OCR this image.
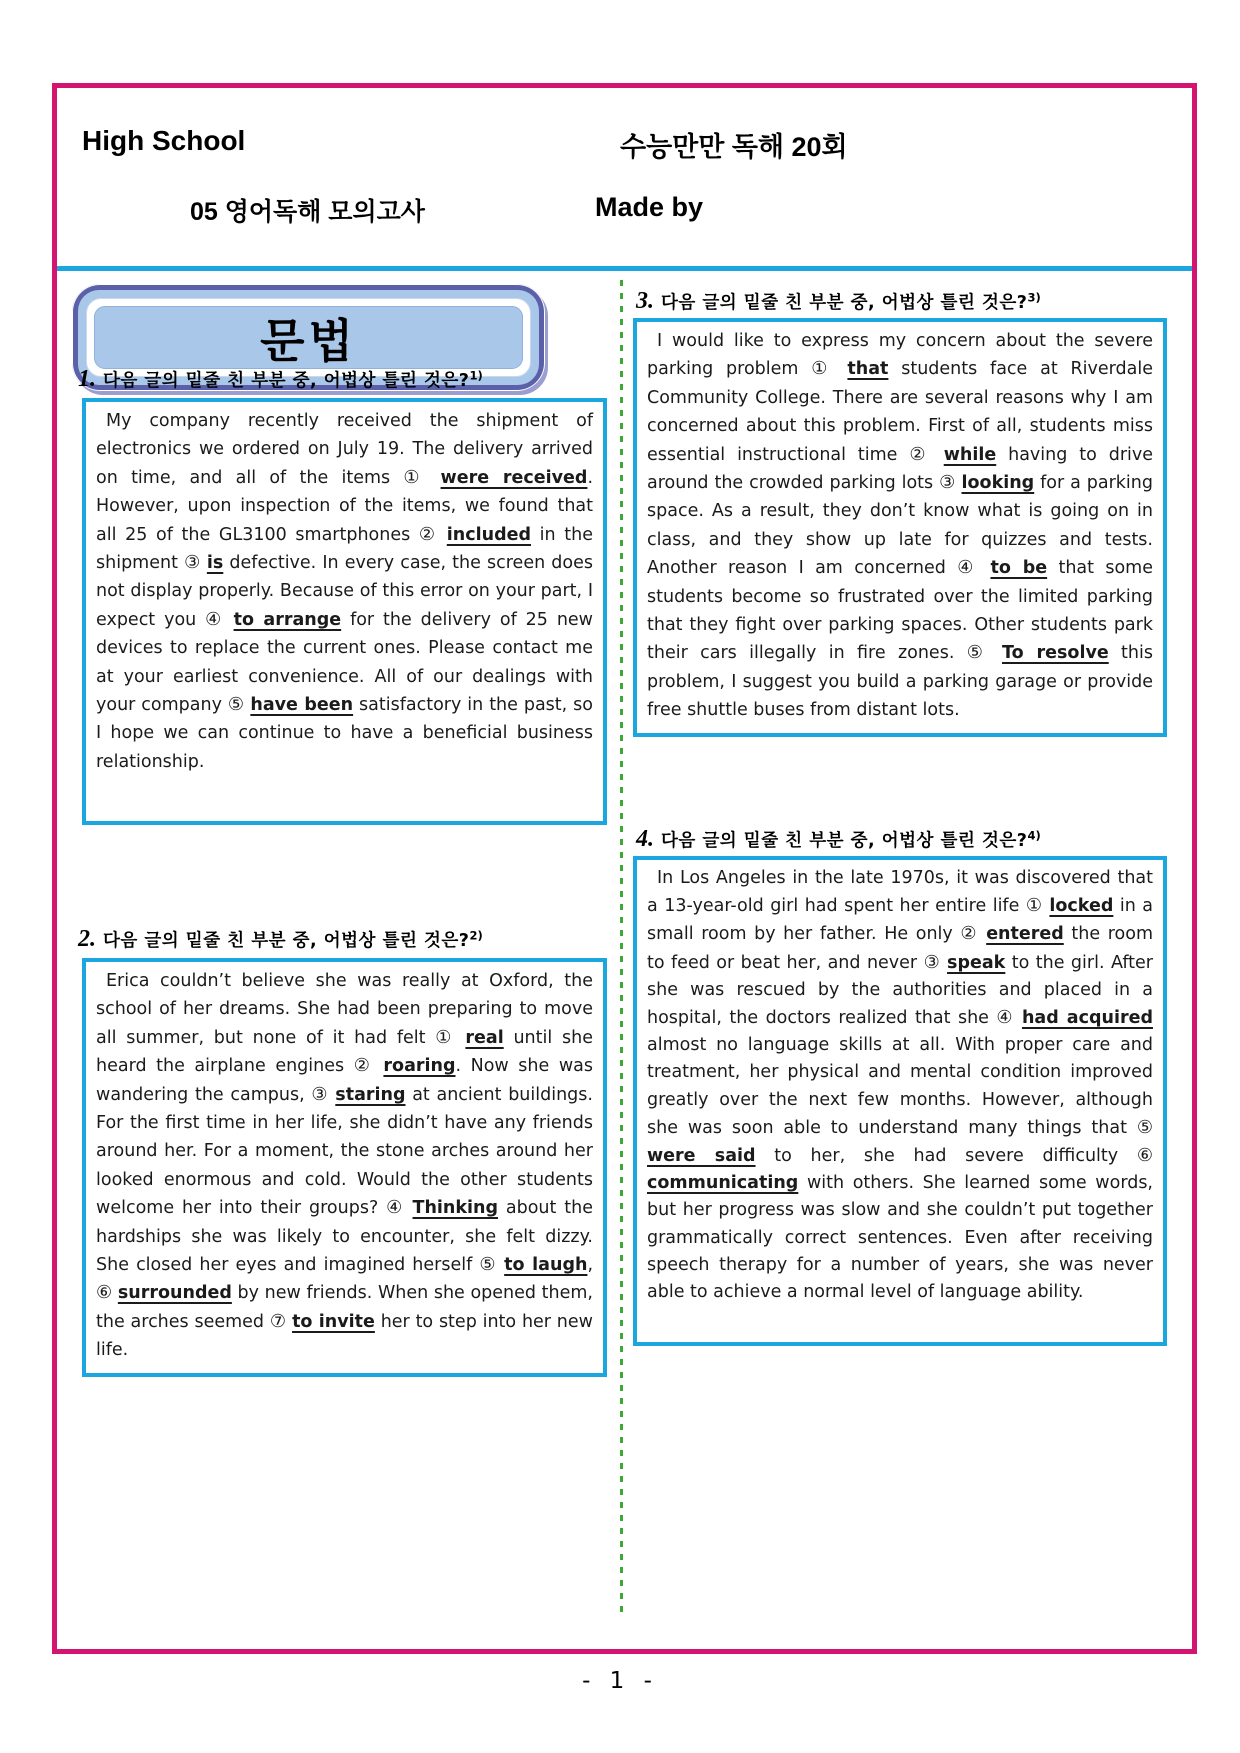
High School	수능만만 독해 20회
05 영어독해 모의고사	Made by
문법
1. 다음 글의 밑줄 친 부분 중, 어법상 틀린 것은?$^{1)}$
My company recently received the shipment of electronics we ordered on July 19. The delivery arrived on time, and all of the items ① were received. However, upon inspection of the items, we found that all 25 of the GL3100 smartphones ② included in the shipment ③ is defective. In every case, the screen does not display properly. Because of this error on your part, I expect you ④ to arrange for the delivery of 25 new devices to replace the current ones. Please contact me at your earliest convenience. All of our dealings with your company ⑤ have been satisfactory in the past, so I hope we can continue to have a beneficial business relationship.
2. 다음 글의 밑줄 친 부분 중, 어법상 틀린 것은?$^{2)}$
Erica couldn’t believe she was really at Oxford, the school of her dreams. She had been preparing to move all summer, but none of it had felt ① real until she heard the airplane engines ② roaring. Now she was wandering the campus, ③ staring at ancient buildings. For the first time in her life, she didn’t have any friends around her. For a moment, the stone arches around her looked enormous and cold. Would the other students welcome her into their groups? ④ Thinking about the hardships she was likely to encounter, she felt dizzy. She closed her eyes and imagined herself ⑤ to laugh, ⑥ surrounded by new friends. When she opened them, the arches seemed ⑦ to invite her to step into her new life.
3. 다음 글의 밑줄 친 부분 중, 어법상 틀린 것은?$^{3)}$
I would like to express my concern about the severe parking problem ① that students face at Riverdale Community College. There are several reasons why I am concerned about this problem. First of all, students miss essential instructional time ② while having to drive around the crowded parking lots ③ looking for a parking space. As a result, they don’t know what is going on in class, and they show up late for quizzes and tests. Another reason I am concerned ④ to be that some students become so frustrated over the limited parking that they fight over parking spaces. Other students park their cars illegally in fire zones. ⑤ To resolve this problem, I suggest you build a parking garage or provide free shuttle buses from distant lots.
4. 다음 글의 밑줄 친 부분 중, 어법상 틀린 것은?$^{4)}$
In Los Angeles in the late 1970s, it was discovered that a 13-year-old girl had spent her entire life ① locked in a small room by her father. He only ② entered the room to feed or beat her, and never ③ speak to the girl. After she was rescued by the authorities and placed in a hospital, the doctors realized that she ④ had acquired almost no language skills at all. With proper care and treatment, her physical and mental condition improved greatly over the next few months. However, although she was soon able to understand many things that ⑤ were said to her, she had severe difficulty ⑥ communicating with others. She learned some words, but her progress was slow and she couldn’t put together grammatically correct sentences. Even after receiving speech therapy for a number of years, she was never able to achieve a normal level of language ability.
- 1 -
